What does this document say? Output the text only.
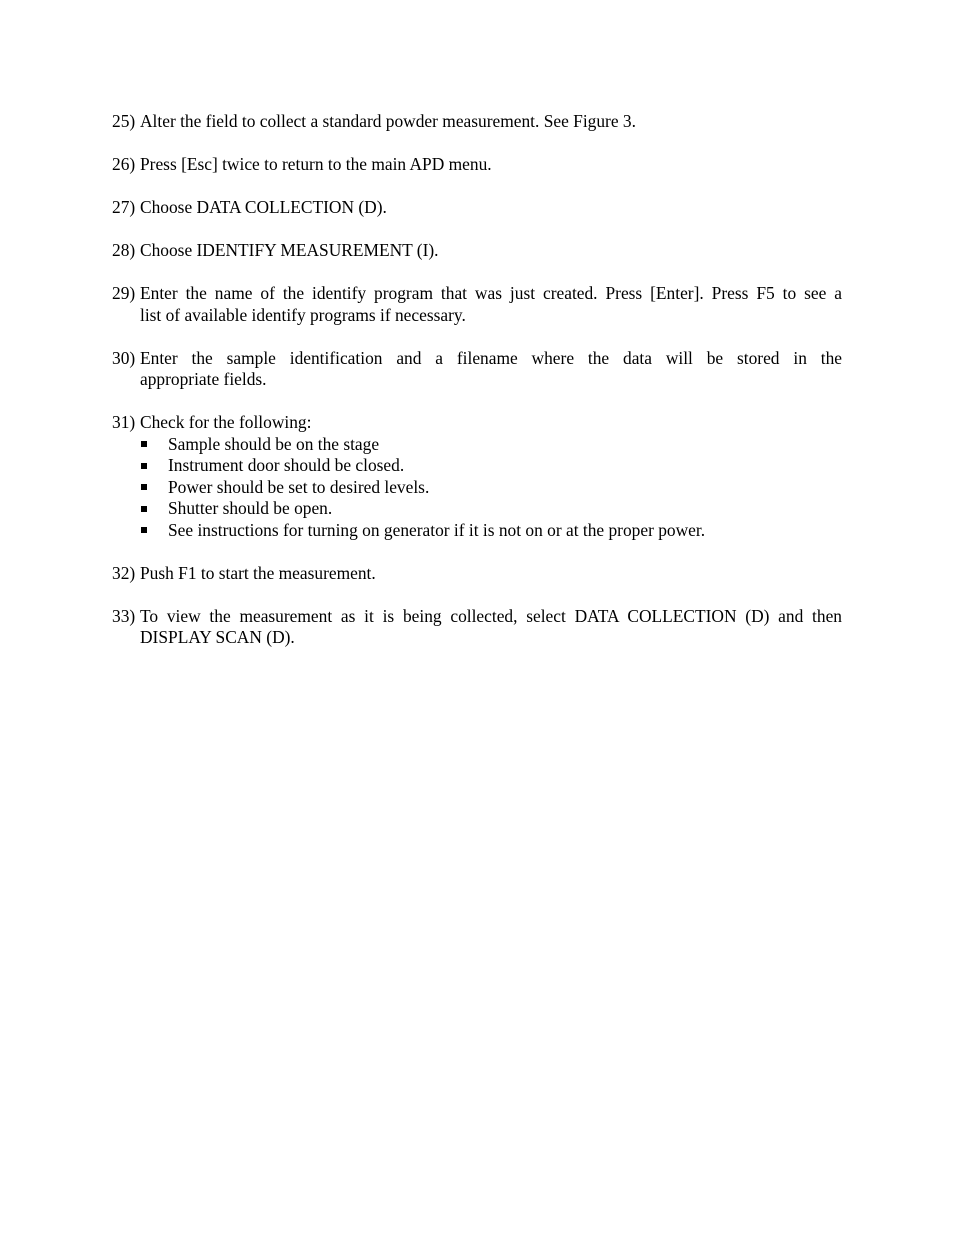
25) Alter the field to collect a standard powder measurement. See Figure 3.
26) Press [Esc] twice to return to the main APD menu.
27) Choose DATA COLLECTION (D).
28) Choose IDENTIFY MEASUREMENT (I).
29) Enter the name of the identify program that was just created. Press [Enter]. Press F5 to see a
list of available identify programs if necessary.
30) Enter the sample identification and a filename where the data will be stored in the
appropriate fields.
31) Check for the following:
Sample should be on the stage
Instrument door should be closed.
Power should be set to desired levels.
Shutter should be open.
See instructions for turning on generator if it is not on or at the proper power.
32) Push F1 to start the measurement.
33) To view the measurement as it is being collected, select DATA COLLECTION (D) and then
DISPLAY SCAN (D).
